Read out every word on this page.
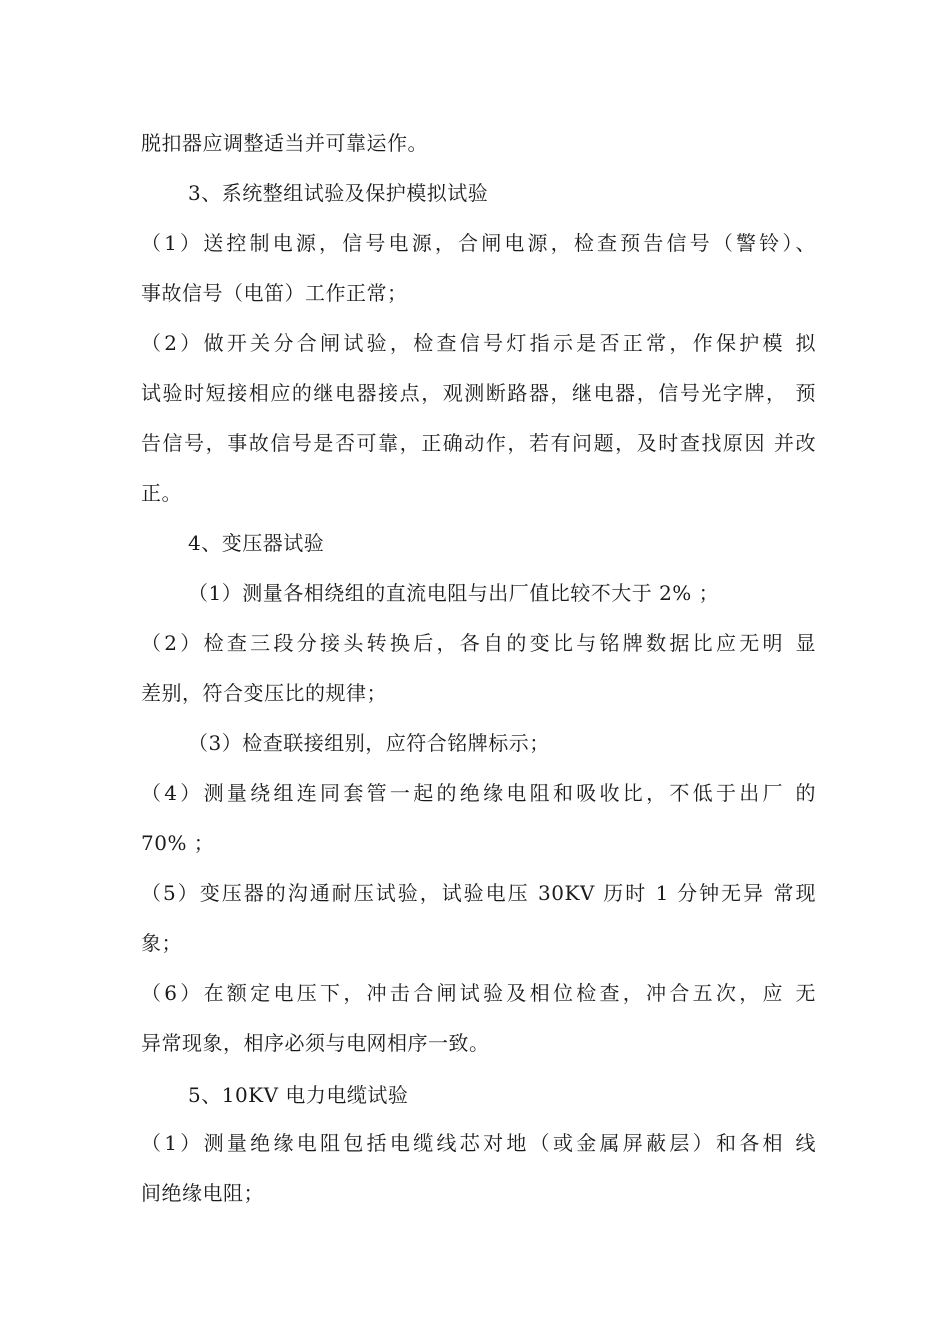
脱扣器应调整适当并可靠运作。
3、系统整组试验及保护模拟试验
（1）送控制电源，信号电源，合闸电源，检查预告信号（警铃）、
事故信号（电笛）工作正常；
（2）做开关分合闸试验，检查信号灯指示是否正常，作保护模 拟
试验时短接相应的继电器接点，观测断路器，继电器，信号光字牌， 预
告信号，事故信号是否可靠，正确动作，若有问题，及时查找原因 并改
正。
4、变压器试验
（1）测量各相绕组的直流电阻与出厂值比较不大于 2% ；
（2）检查三段分接头转换后，各自的变比与铭牌数据比应无明 显
差别，符合变压比的规律；
（3）检查联接组别，应符合铭牌标示；
（4）测量绕组连同套管一起的绝缘电阻和吸收比，不低于出厂 的
70% ；
（5）变压器的沟通耐压试验，试验电压 30KV 历时 1 分钟无异 常现
象；
（6）在额定电压下，冲击合闸试验及相位检查，冲合五次，应 无
异常现象，相序必须与电网相序一致。
5、10KV 电力电缆试验
（1）测量绝缘电阻包括电缆线芯对地（或金属屏蔽层）和各相 线
间绝缘电阻；
